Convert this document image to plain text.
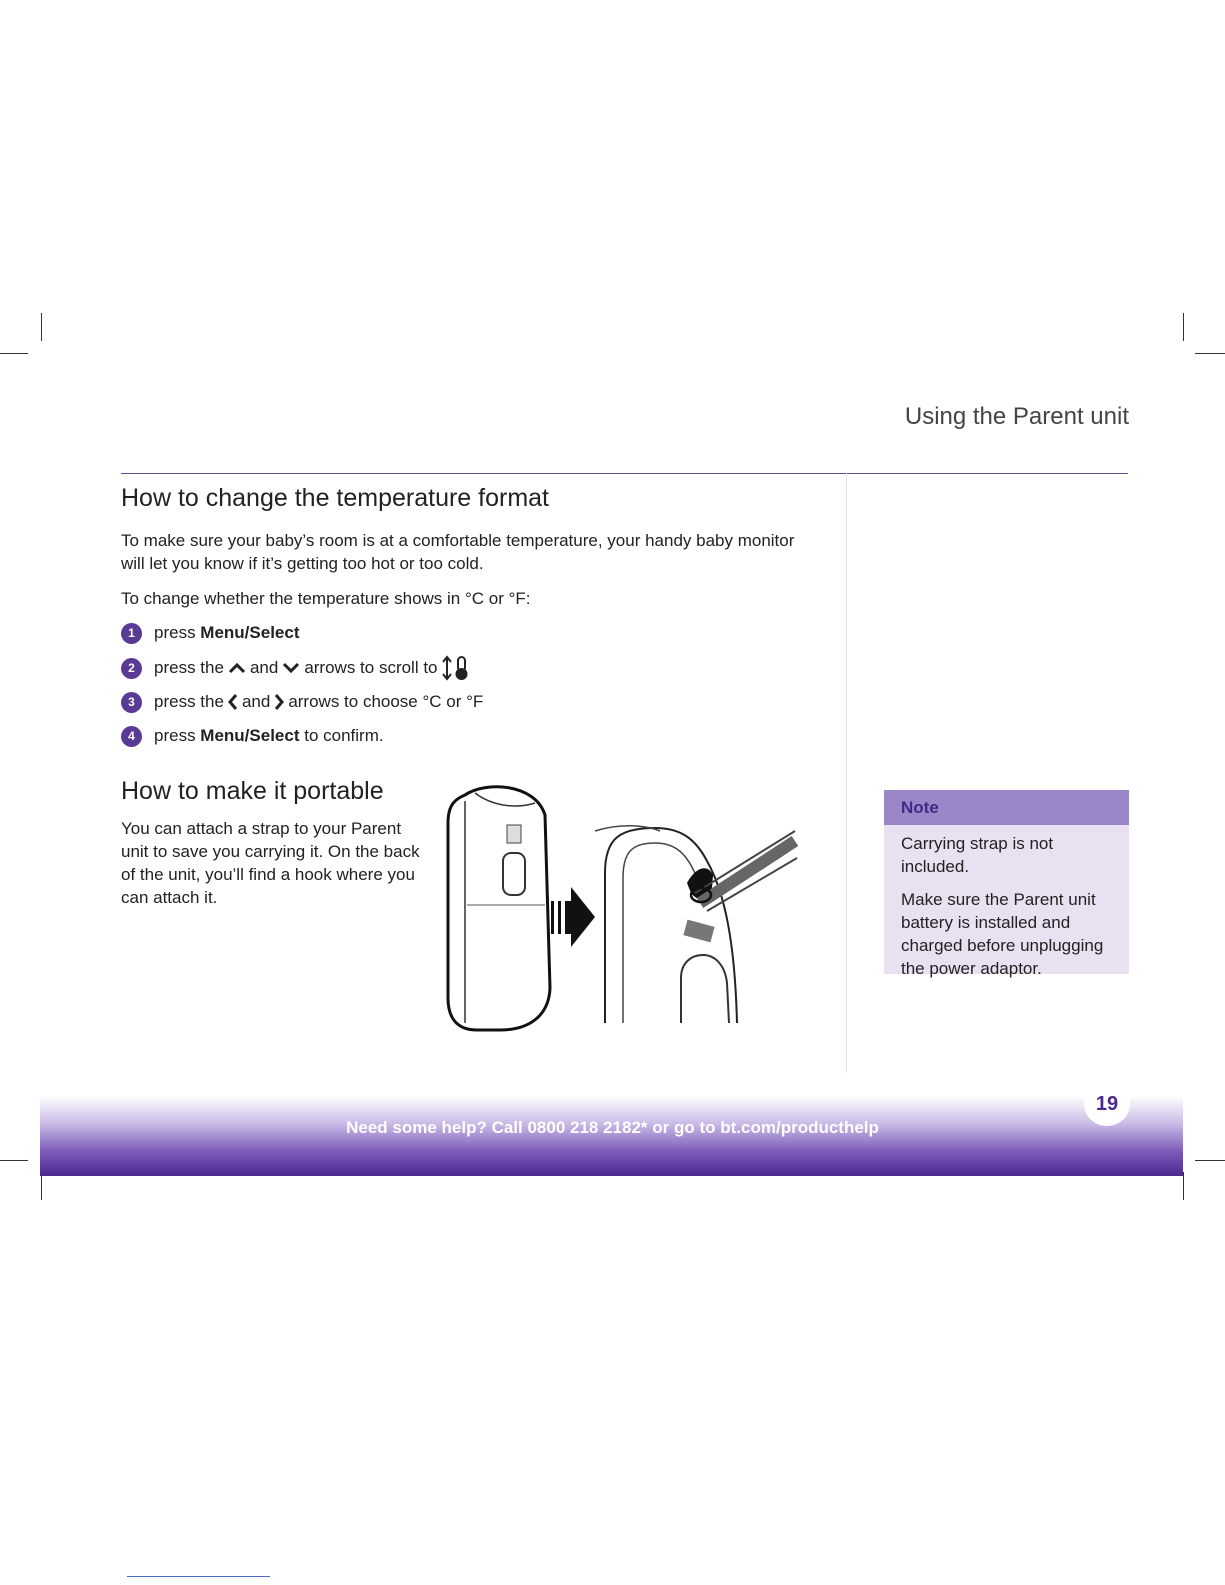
Using the Parent unit
How to change the temperature format

To make sure your baby’s room is at a comfortable temperature, your handy baby monitor will let you know if it’s getting too hot or too cold.

To change whether the temperature shows in °C or °F:

1	press Menu/Select
2	press the and arrows to scroll to
3	press the and arrows to choose °C or °F
4	press Menu/Select to confirm.
How to make it portable

You can attach a strap to your Parent unit to save you carrying it. On the back of the unit, you’ll find a hook where you can attach it.

Note

Carrying strap is not included.

Make sure the Parent unit battery is installed and charged before unplugging the power adaptor.

Need some help? Call 0800 218 2182* or go to bt.com/producthelp
19
